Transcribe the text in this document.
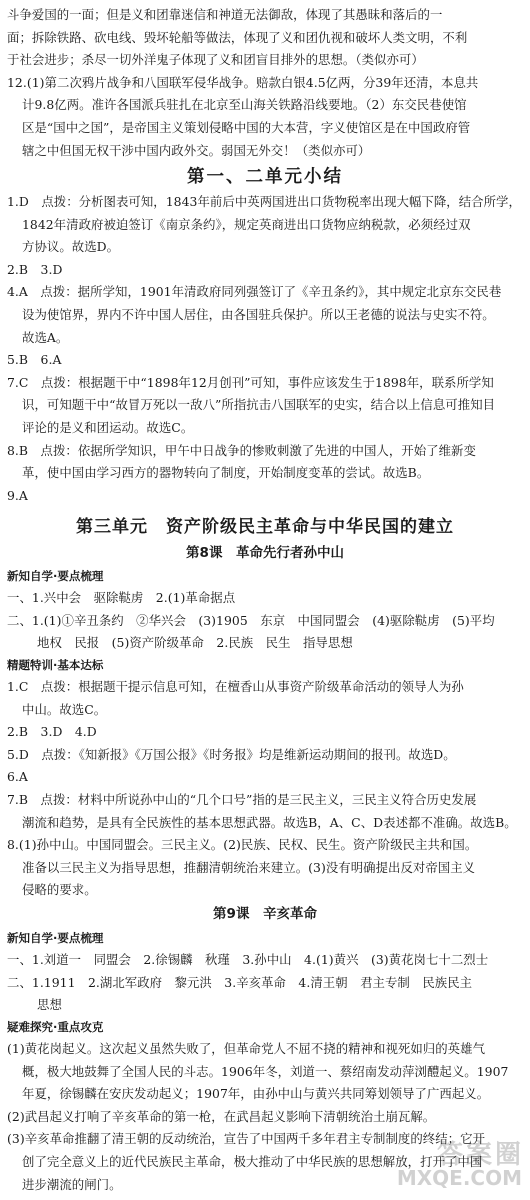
斗争爱国的一面；但是义和团靠迷信和神道无法御敌，体现了其愚昧和落后的一
面；拆除铁路、砍电线、毁坏轮船等做法，体现了义和团仇视和破坏人类文明，不利
于社会进步；杀尽一切外洋鬼子体现了义和团盲目排外的思想。（类似亦可）
12.(1)第二次鸦片战争和八国联军侵华战争。赔款白银4.5亿两，分39年还清，本息共
计9.8亿两。准许各国派兵驻扎在北京至山海关铁路沿线要地。（2）东交民巷使馆
区是“国中之国”，是帝国主义策划侵略中国的大本营，字义使馆区是在中国政府管
辖之中但国无权干涉中国内政外交。弱国无外交！（类似亦可）
第一、二单元小结
1.D　点拨：分析图表可知，1843年前后中英两国进出口货物税率出现大幅下降，结合所学，
1842年清政府被迫签订《南京条约》，规定英商进出口货物应纳税款，必须经过双
方协议。故选D。
2.B　3.D
4.A　点拨：据所学知，1901年清政府同列强签订了《辛丑条约》，其中规定北京东交民巷
设为使馆界，界内不许中国人居住，由各国驻兵保护。所以王老德的说法与史实不符。
故选A。
5.B　6.A
7.C　点拨：根据题干中“1898年12月创刊”可知，事件应该发生于1898年，联系所学知
识，可知题干中“故冒万死以一敌八”所指抗击八国联军的史实，结合以上信息可推知目
评论的是义和团运动。故选C。
8.B　点拨：依据所学知识，甲午中日战争的惨败刺激了先进的中国人，开始了维新变
革，使中国由学习西方的器物转向了制度，开始制度变革的尝试。故选B。
9.A
第三单元　资产阶级民主革命与中华民国的建立
第8课　革命先行者孙中山
新知自学·要点梳理
一、1.兴中会　驱除鞑虏　2.(1)革命据点
二、1.(1)①辛丑条约　②华兴会　(3)1905　东京　中国同盟会　(4)驱除鞑虏　(5)平均
地权　民报　(5)资产阶级革命　2.民族　民生　指导思想
精题特训·基本达标
1.C　点拨：根据题干提示信息可知，在檀香山从事资产阶级革命活动的领导人为孙
中山。故选C。
2.B　3.D　4.D
5.D　点拨：《知新报》《万国公报》《时务报》均是维新运动期间的报刊。故选D。
6.A
7.B　点拨：材料中所说孙中山的“几个口号”指的是三民主义，三民主义符合历史发展
潮流和趋势，是具有全民族性的基本思想武器。故选B，A、C、D表述都不准确。故选B。
8.(1)孙中山。中国同盟会。三民主义。(2)民族、民权、民生。资产阶级民主共和国。
准备以三民主义为指导思想，推翻清朝统治来建立。(3)没有明确提出反对帝国主义
侵略的要求。
第9课　辛亥革命
新知自学·要点梳理
一、1.刘道一　同盟会　2.徐锡麟　秋瑾　3.孙中山　4.(1)黄兴　(3)黄花岗七十二烈士
二、1.1911　2.湖北军政府　黎元洪　3.辛亥革命　4.清王朝　君主专制　民族民主
思想
疑难探究·重点攻克
(1)黄花岗起义。这次起义虽然失败了，但革命党人不屈不挠的精神和视死如归的英雄气
概，极大地鼓舞了全国人民的斗志。1906年冬，刘道一、蔡绍南发动萍浏醴起义。1907
年夏，徐锡麟在安庆发动起义；1907年，由孙中山与黄兴共同筹划领导了广西起义。
(2)武昌起义打响了辛亥革命的第一枪，在武昌起义影响下清朝统治土崩瓦解。
(3)辛亥革命推翻了清王朝的反动统治，宣告了中国两千多年君主专制制度的终结；它开
创了完全意义上的近代民族民主革命，极大推动了中华民族的思想解放，打开了中国
进步潮流的闸门。
答案圈
MXQE.COM
